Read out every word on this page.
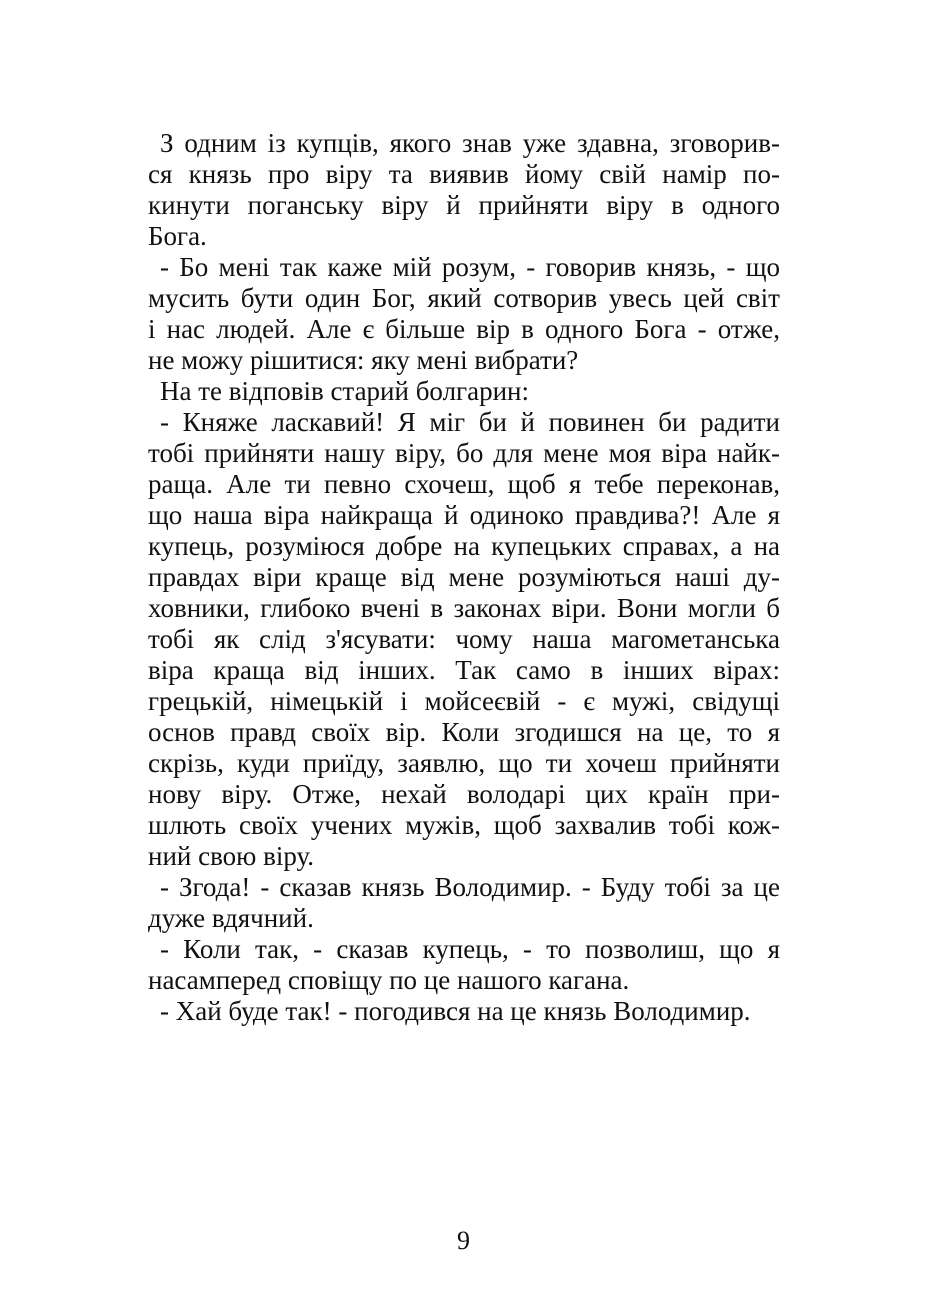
З одним із купців, якого знав уже здавна, зговорив-
ся князь про віру та виявив йому свій намір по-
кинути поганську віру й прийняти віру в одного
Бога.
- Бо мені так каже мій розум, - говорив князь, - що
мусить бути один Бог, який сотворив увесь цей світ
і нас людей. Але є більше вір в одного Бога - отже,
не можу рішитися: яку мені вибрати?
На те відповів старий болгарин:
- Княже ласкавий! Я міг би й повинен би радити
тобі прийняти нашу віру, бо для мене моя віра найк-
раща. Але ти певно схочеш, щоб я тебе переконав,
що наша віра найкраща й одиноко правдива?! Але я
купець, розуміюся добре на купецьких справах, а на
правдах віри краще від мене розуміються наші ду-
ховники, глибоко вчені в законах віри. Вони могли б
тобі як слід з'ясувати: чому наша магометанська
віра краща від інших. Так само в інших вірах:
грецькій, німецькій і мойсеєвій - є мужі, свідущі
основ правд своїх вір. Коли згодишся на це, то я
скрізь, куди приїду, заявлю, що ти хочеш прийняти
нову віру. Отже, нехай володарі цих країн при-
шлють своїх учених мужів, щоб захвалив тобі кож-
ний свою віру.
- Згода! - сказав князь Володимир. - Буду тобі за це
дуже вдячний.
- Коли так, - сказав купець, - то позволиш, що я
насамперед сповіщу по це нашого кагана.
- Хай буде так! - погодився на це князь Володимир.
9
